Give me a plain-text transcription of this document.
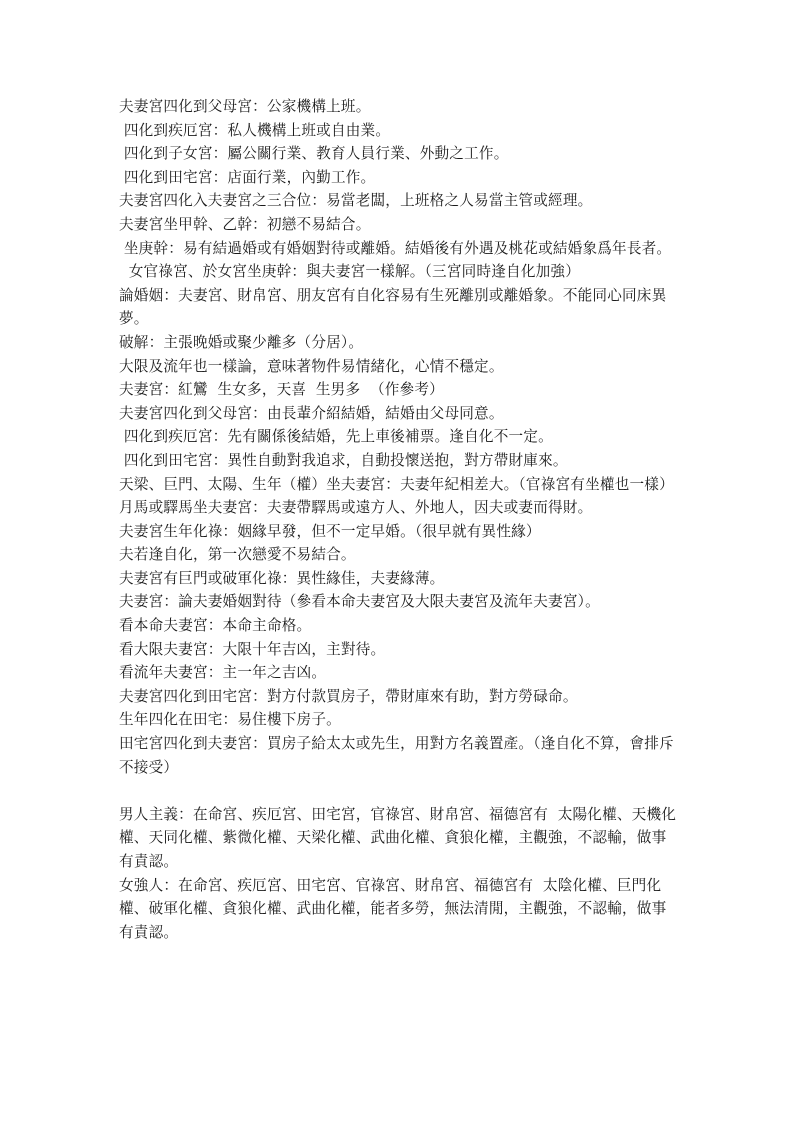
夫妻宮四化到父母宮：公家機構上班。
四化到疾厄宮：私人機構上班或自由業。
四化到子女宮：屬公關行業、教育人員行業、外動之工作。
四化到田宅宮：店面行業，內勤工作。
夫妻宮四化入夫妻宮之三合位：易當老闆，上班格之人易當主管或經理。
夫妻宮坐甲幹、乙幹：初戀不易結合。
坐庚幹：易有結過婚或有婚姻對待或離婚。結婚後有外遇及桃花或結婚象爲年長者。
女官祿宮、於女宮坐庚幹：與夫妻宮一樣解。（三宮同時逢自化加強）
論婚姻：夫妻宮、財帛宮、朋友宮有自化容易有生死離別或離婚象。不能同心同床異夢。
破解：主張晚婚或聚少離多（分居）。
大限及流年也一樣論，意味著物件易情緒化，心情不穩定。
夫妻宮：紅鸞  生女多，天喜  生男多  （作參考）
夫妻宮四化到父母宮：由長輩介紹結婚，結婚由父母同意。
四化到疾厄宮：先有關係後結婚，先上車後補票。逢自化不一定。
四化到田宅宮：異性自動對我追求，自動投懷送抱，對方帶財庫來。
天梁、巨門、太陽、生年（權）坐夫妻宮：夫妻年紀相差大。（官祿宮有坐權也一樣）
月馬或驛馬坐夫妻宮：夫妻帶驛馬或遠方人、外地人，因夫或妻而得財。
夫妻宮生年化祿：姻緣早發，但不一定早婚。（很早就有異性緣）
夫若逢自化，第一次戀愛不易結合。
夫妻宮有巨門或破軍化祿：異性緣佳，夫妻緣薄。
夫妻宮：論夫妻婚姻對待（參看本命夫妻宮及大限夫妻宮及流年夫妻宮）。
看本命夫妻宮：本命主命格。
看大限夫妻宮：大限十年吉凶，主對待。
看流年夫妻宮：主一年之吉凶。
夫妻宮四化到田宅宮：對方付款買房子，帶財庫來有助，對方勞碌命。
生年四化在田宅：易住樓下房子。
田宅宮四化到夫妻宮：買房子給太太或先生，用對方名義置產。（逢自化不算，會排斥不接受）
男人主義：在命宮、疾厄宮、田宅宮，官祿宮、財帛宮、福德宮有  太陽化權、天機化權、天同化權、紫微化權、天梁化權、武曲化權、貪狼化權，主觀強，不認輸，做事有責認。
女強人：在命宮、疾厄宮、田宅宮、官祿宮、財帛宮、福德宮有  太陰化權、巨門化權、破軍化權、貪狼化權、武曲化權，能者多勞，無法清閒，主觀強，不認輸，做事有責認。
